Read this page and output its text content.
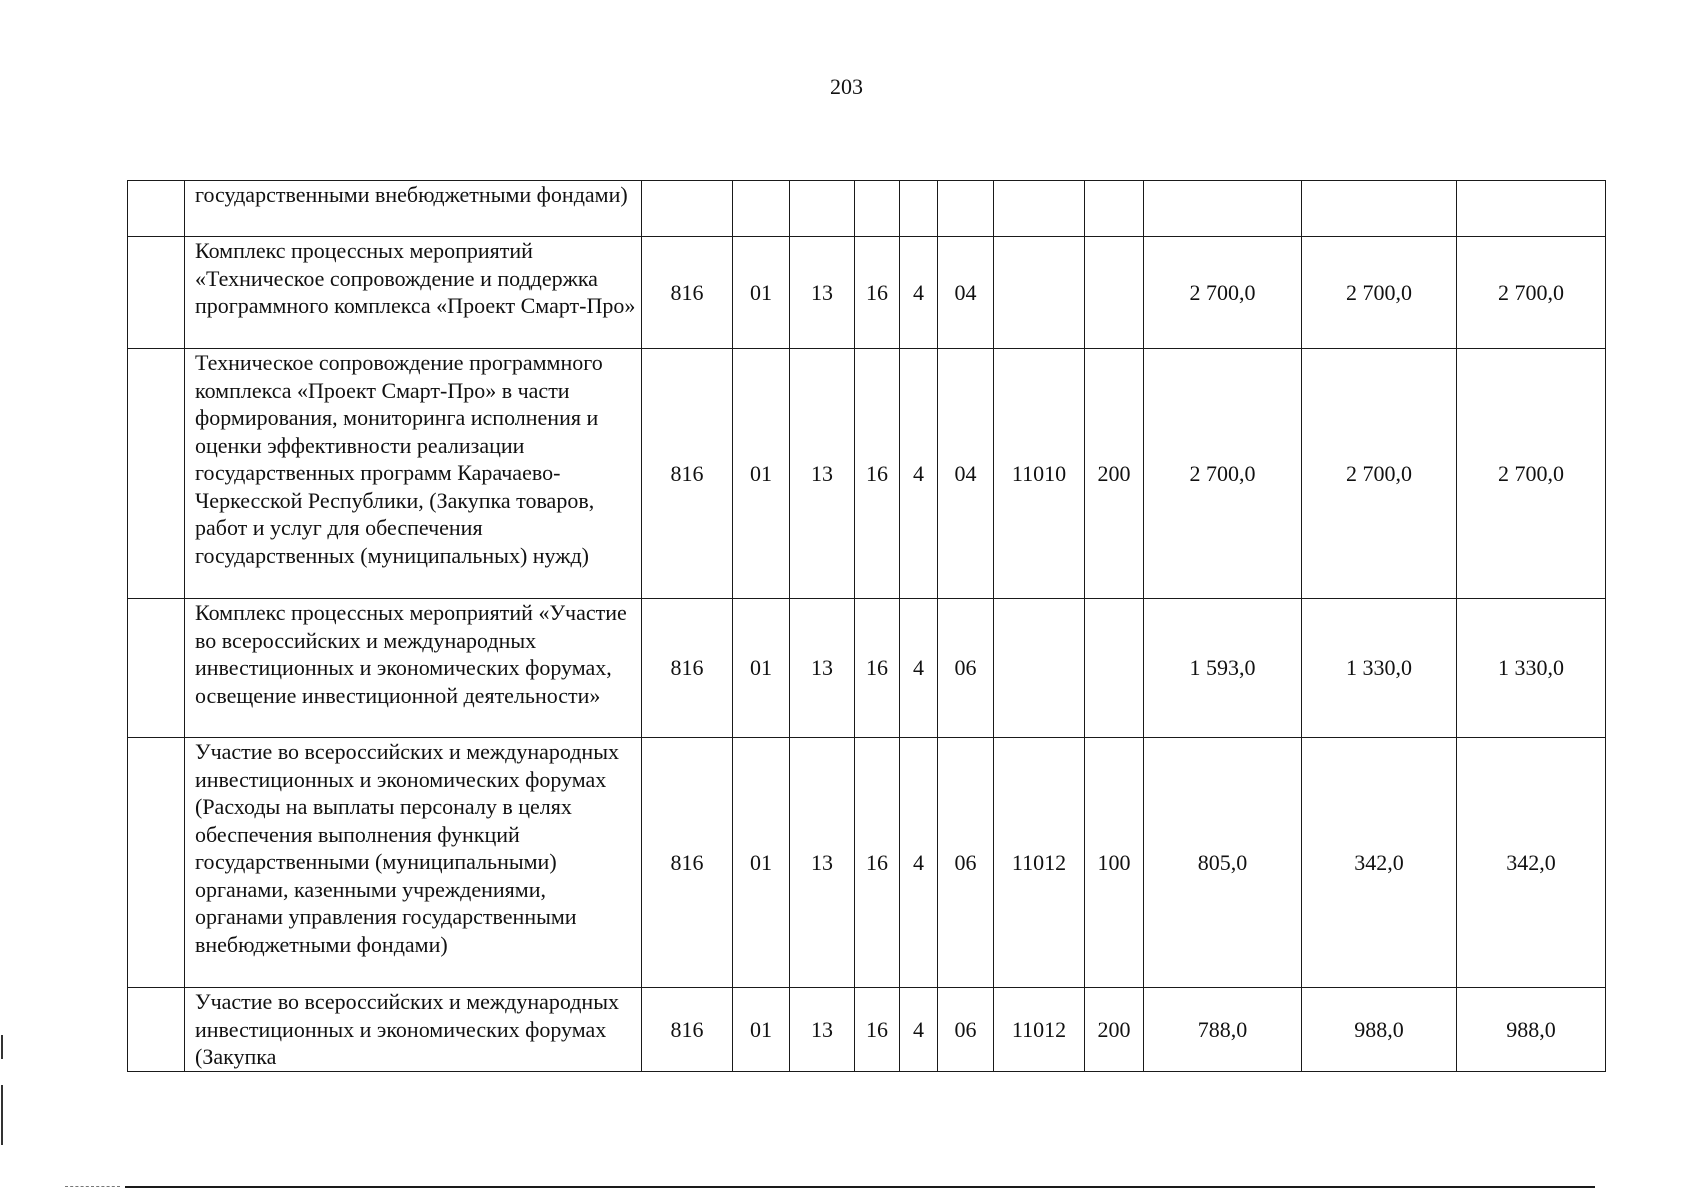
203
	государственными внебюджетными фондами)											
	Комплекс процессных мероприятий «Техническое сопровождение и поддержка программного комплекса «Проект Смарт-Про»	816	01	13	16	4	04			2 700,0	2 700,0	2 700,0
	Техническое сопровождение программного комплекса «Проект Смарт-Про» в части формирования, мониторинга исполнения и оценки эффективности реализации государственных программ Карачаево-Черкесской Республики, (Закупка товаров, работ и услуг для обеспечения государственных (муниципальных) нужд)	816	01	13	16	4	04	11010	200	2 700,0	2 700,0	2 700,0
	Комплекс процессных мероприятий «Участие во всероссийских и международных инвестиционных и экономических форумах, освещение инвестиционной деятельности»	816	01	13	16	4	06			1 593,0	1 330,0	1 330,0
	Участие во всероссийских и международных инвестиционных и экономических форумах (Расходы на выплаты персоналу в целях обеспечения выполнения функций государственными (муниципальными) органами, казенными учреждениями, органами управления государственными внебюджетными фондами)	816	01	13	16	4	06	11012	100	805,0	342,0	342,0
	Участие во всероссийских и международных инвестиционных и экономических форумах (Закупка	816	01	13	16	4	06	11012	200	788,0	988,0	988,0
